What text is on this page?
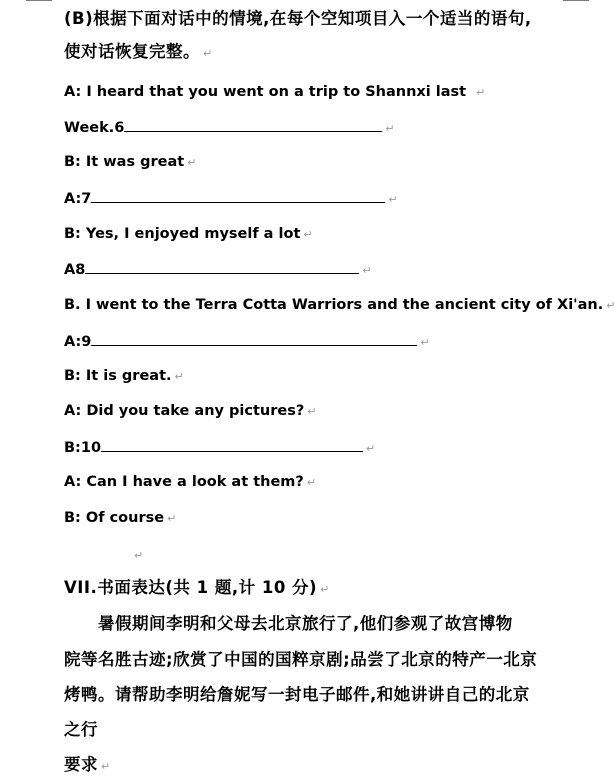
(B)根据下面对话中的情境,在每个空知项目入一个适当的语句,
使对话恢复完整。 ↵
A: I heard that you went on a trip to Shannxi last ↵
Week.6	↵
B: It was great ↵
A:7	↵
B: Yes, I enjoyed myself a lot ↵
A8	↵
B. I went to the Terra Cotta Warriors and the ancient city of Xi'an. ↵
A:9	↵
B: It is great. ↵
A: Did you take any pictures? ↵
B:10	↵
A: Can I have a look at them? ↵
B: Of course ↵
↵
VII.书面表达(共 1 题,计 10 分) ↵
暑假期间李明和父母去北京旅行了,他们参观了故宫博物
院等名胜古迹;欣赏了中国的国粹京剧;品尝了北京的特产一北京
烤鸭。请帮助李明给詹妮写一封电子邮件,和她讲讲自己的北京
之行
要求 ↵
